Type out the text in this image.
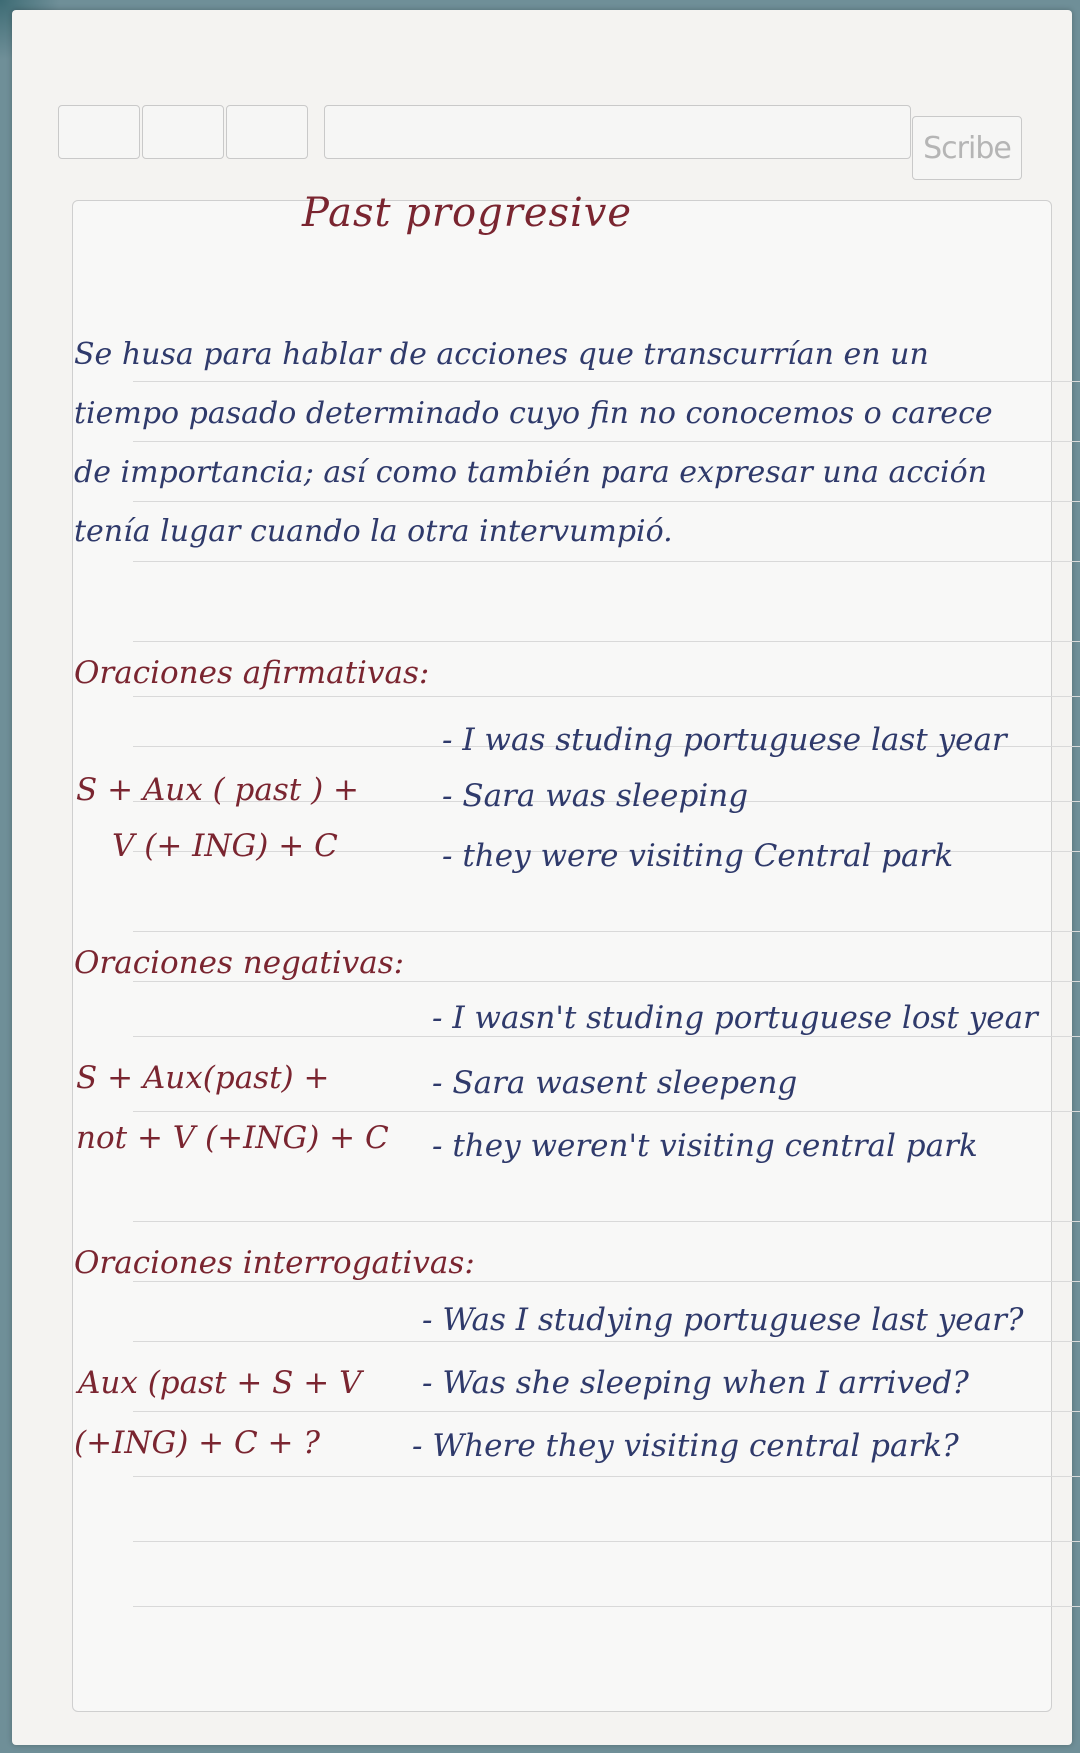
Scribe
Past progresive
Se husa para hablar de acciones que transcurrían en un tiempo pasado determinado cuyo fin no conocemos o carece de importancia; así como también para expresar una acción tenía lugar cuando la otra intervumpió.
Oraciones afirmativas:
S + Aux ( past ) +
V (+ ING) + C
- I was studing portuguese last year
- Sara was sleeping
- they were visiting Central park
Oraciones negativas:
S + Aux(past) +
not + V (+ING) + C
- I wasn't studing portuguese lost year
- Sara wasent sleepeng
- they weren't visiting central park
Oraciones interrogativas:
Aux (past + S + V
(+ING) + C + ?
- Was I studying portuguese last year?
- Was she sleeping when I arrived?
- Where they visiting central park?
